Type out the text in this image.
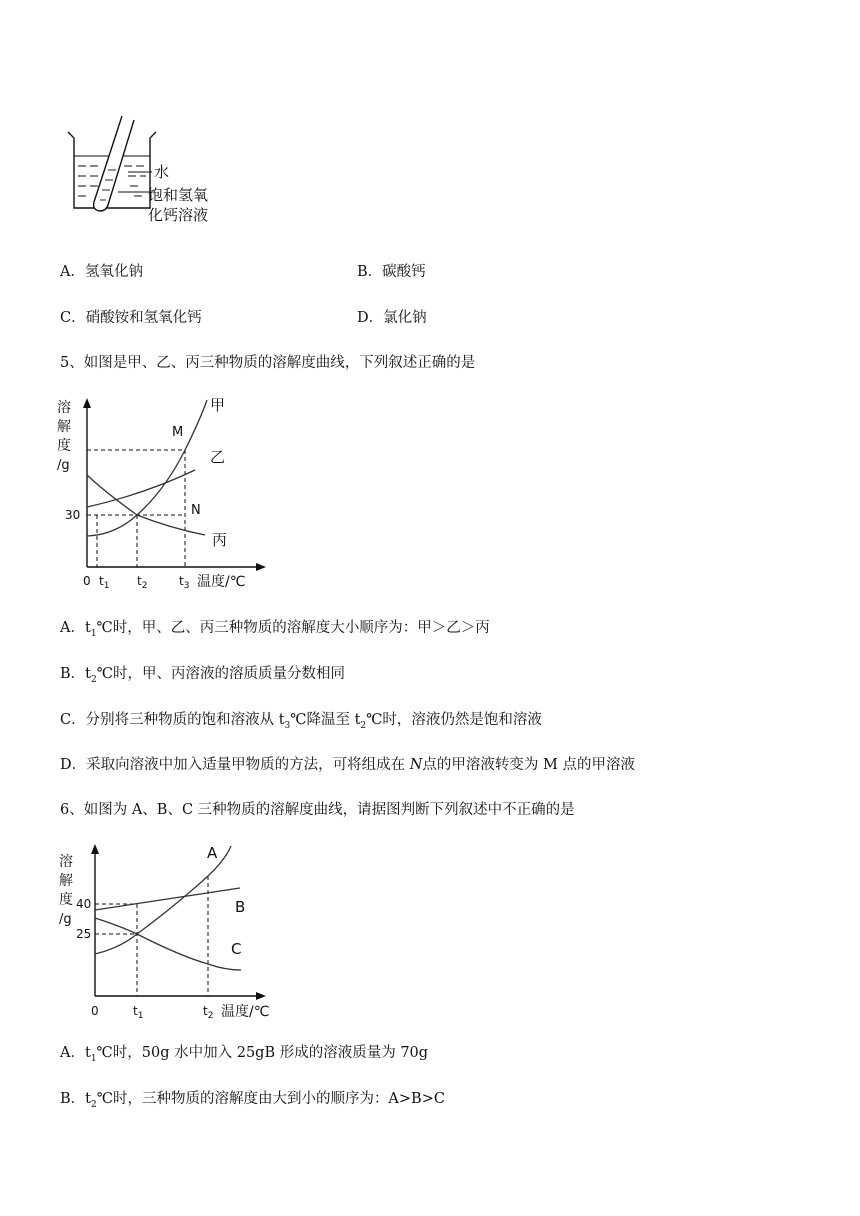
水
饱和氢氧
化钙溶液
A．氢氧化钠	B．碳酸钙
C．硝酸铵和氢氧化钙	D．氯化钠
5、如图是甲、乙、丙三种物质的溶解度曲线，下列叙述正确的是
溶
解
度
/g
甲
乙
丙
M
N
30
0 $t_1$ $t_2$	$t_3$ 温度/℃
A．$t_1℃$时，甲、乙、丙三种物质的溶解度大小顺序为：甲＞乙＞丙
B．$t_2℃$时，甲、丙溶液的溶质质量分数相同
C．分别将三种物质的饱和溶液从 $t_3℃$降温至 $t_2℃$时，溶液仍然是饱和溶液
D．采取向溶液中加入适量甲物质的方法，可将组成在 N点的甲溶液转变为 M 点的甲溶液
6、如图为 A、B、C 三种物质的溶解度曲线，请据图判断下列叙述中不正确的是
溶
解
度
/g
A
B
C
40
25
0	$t_1$	$t_2$ 温度/℃
A．$t_1℃$时，50g 水中加入 25gB 形成的溶液质量为 70g
B．$t_2℃$时，三种物质的溶解度由大到小的顺序为：A>B>C
